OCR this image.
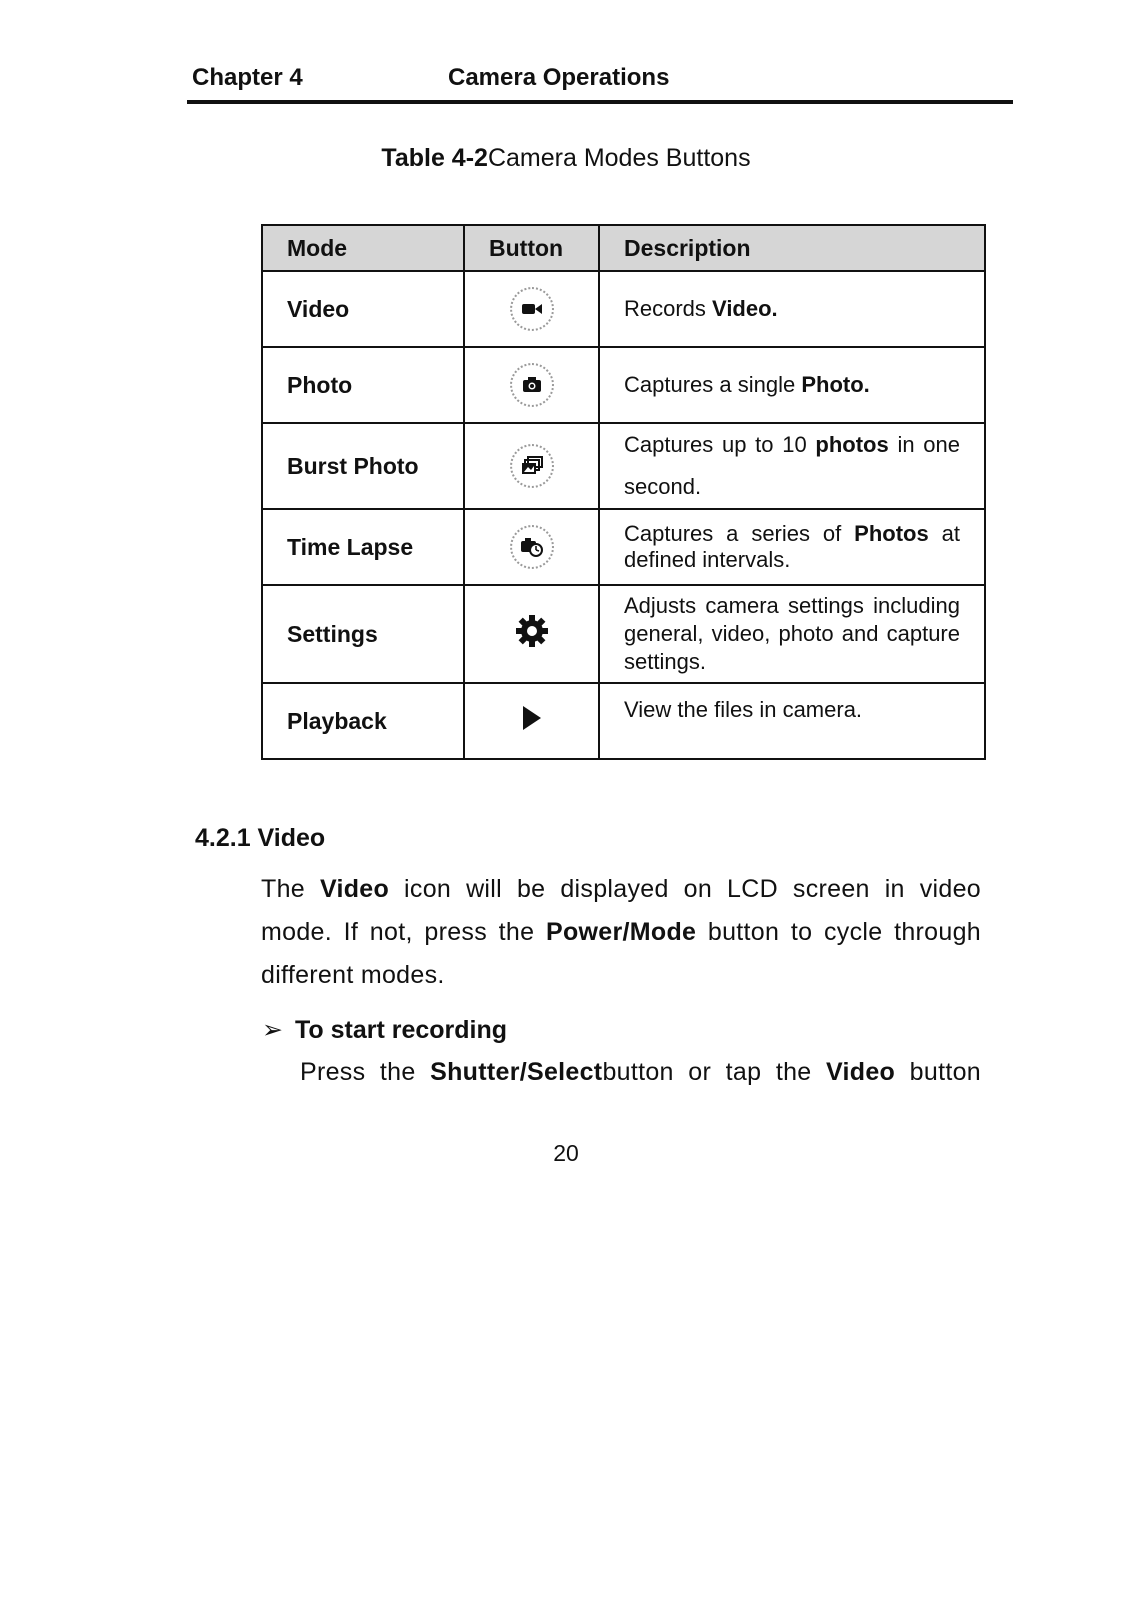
Chapter 4	Camera Operations
Table 4-2Camera Modes Buttons
Mode	Button	Description
Video		Records Video.
Photo		Captures a single Photo.
Burst Photo		Captures up to 10 photos in one second.
Time Lapse		Captures a series of Photos at defined intervals.
Settings		Adjusts camera settings including general, video, photo and capture settings.
Playback		View the files in camera.
4.2.1 Video
The Video icon will be displayed on LCD screen in video mode. If not, press the Power/Mode button to cycle through different modes.
➢ To start recording
Press the Shutter/Selectbutton or tap the Video button
20
